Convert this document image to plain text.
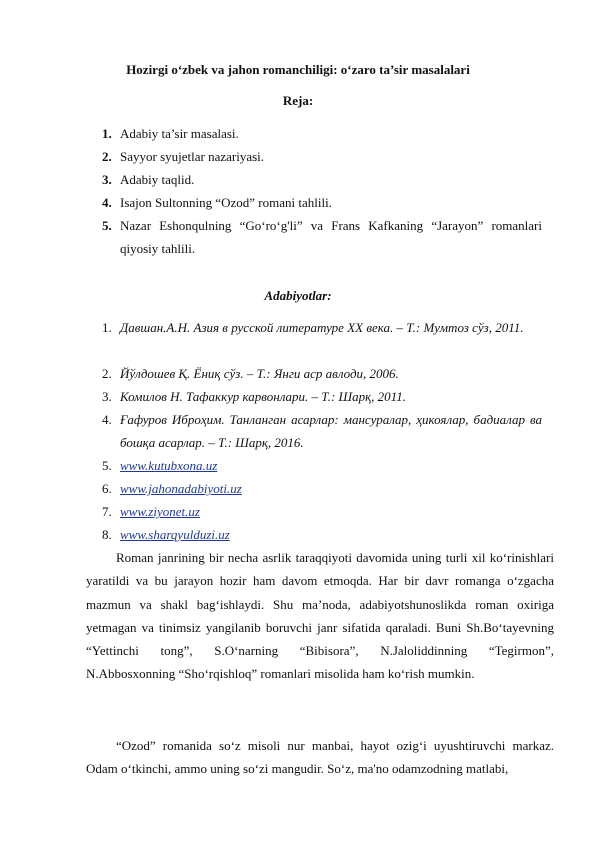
Hozirgi o‘zbek va jahon romanchiligi: o‘zaro ta’sir masalalari
Reja:
1. Adabiy ta’sir masalasi.
2. Sayyor syujetlar nazariyasi.
3. Adabiy taqlid.
4. Isajon Sultonning “Ozod” romani tahlili.
5. Nazar Eshonqulning “Go‘ro‘g'li” va Frans Kafkaning “Jarayon” romanlari qiyosiy tahlili.
Adabiyotlar:
1. Давшан.А.Н. Азия в русской литературе ХХ века. – Т.: Мумтоз сўз, 2011.
2. Йўлдошев Қ. Ёниқ сўз. – Т.: Янги аср авлоди, 2006.
3. Комилов Н. Тафаккур карвонлари. – Т.: Шарқ, 2011.
4. Ғафуров Иброҳим. Танланган асарлар: мансуралар, ҳикоялар, бадиалар ва бошқа асарлар. – Т.: Шарқ, 2016.
5. www.kutubxona.uz
6. www.jahonadabiyoti.uz
7. www.ziyonet.uz
8. www.sharqyulduzi.uz
Roman janrining bir necha asrlik taraqqiyoti davomida uning turli xil ko‘rinishlari yaratildi va bu jarayon hozir ham davom etmoqda. Har bir davr romanga o‘zgacha mazmun va shakl bag‘ishlaydi. Shu ma’noda, adabiyotshunoslikda roman oxiriga yetmagan va tinimsiz yangilanib boruvchi janr sifatida qaraladi. Buni Sh.Bo‘tayevning “Yettinchi tong”, S.O‘narning “Bibisora”, N.Jaloliddinning “Tegirmon”, N.Abbosxonning “Sho‘rqishloq” romanlari misolida ham ko‘rish mumkin.
“Ozod” romanida so‘z misoli nur manbai, hayot ozig‘i uyushtiruvchi markaz. Odam o‘tkinchi, ammo uning so‘zi mangudir. So‘z, ma'no odamzodning matlabi,
